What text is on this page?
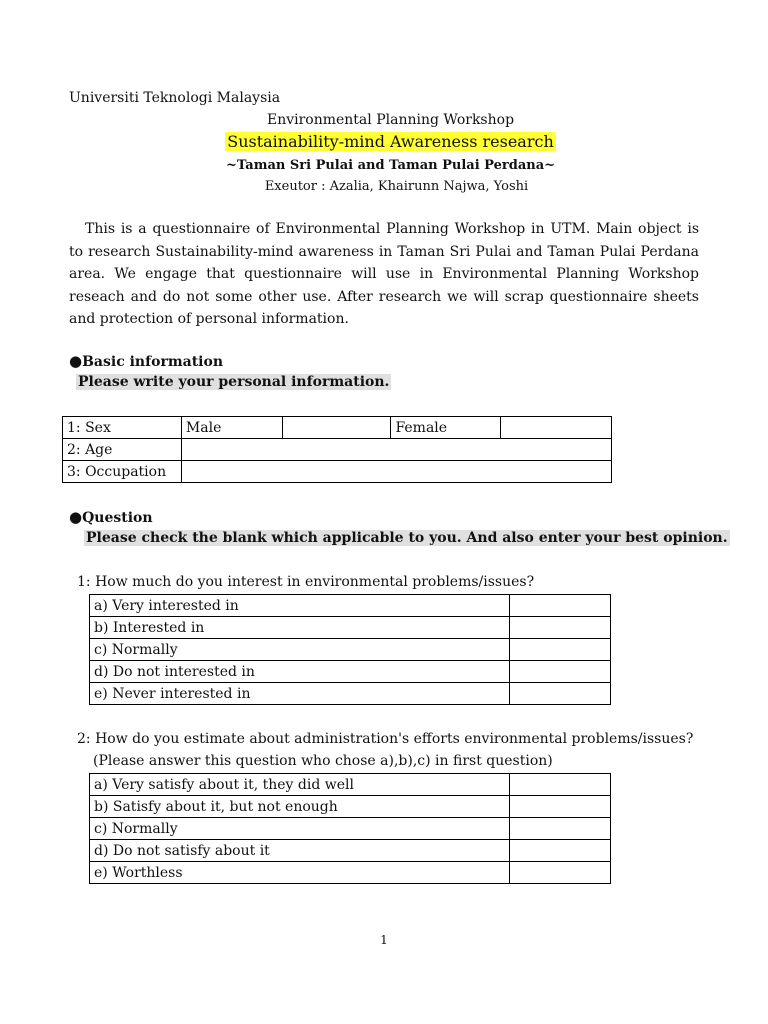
Universiti Teknologi Malaysia
Environmental Planning Workshop
Sustainability-mind Awareness research
~Taman Sri Pulai and Taman Pulai Perdana~
Exeutor : Azalia, Khairunn Najwa, Yoshi
This is a questionnaire of Environmental Planning Workshop in UTM. Main object is to research Sustainability-mind awareness in Taman Sri Pulai and Taman Pulai Perdana area. We engage that questionnaire will use in Environmental Planning Workshop reseach and do not some other use. After research we will scrap questionnaire sheets and protection of personal information.
●Basic information
Please write your personal information.
1: Sex	Male		Female	
2: Age				
3: Occupation				
●Question
Please check the blank which applicable to you. And also enter your best opinion.
1: How much do you interest in environmental problems/issues?
a) Very interested in	
b) Interested in	
c) Normally	
d) Do not interested in	
e) Never interested in	
2: How do you estimate about administration's efforts environmental problems/issues?
(Please answer this question who chose a),b),c) in first question)
a) Very satisfy about it, they did well	
b) Satisfy about it, but not enough	
c) Normally	
d) Do not satisfy about it	
e) Worthless	
1
